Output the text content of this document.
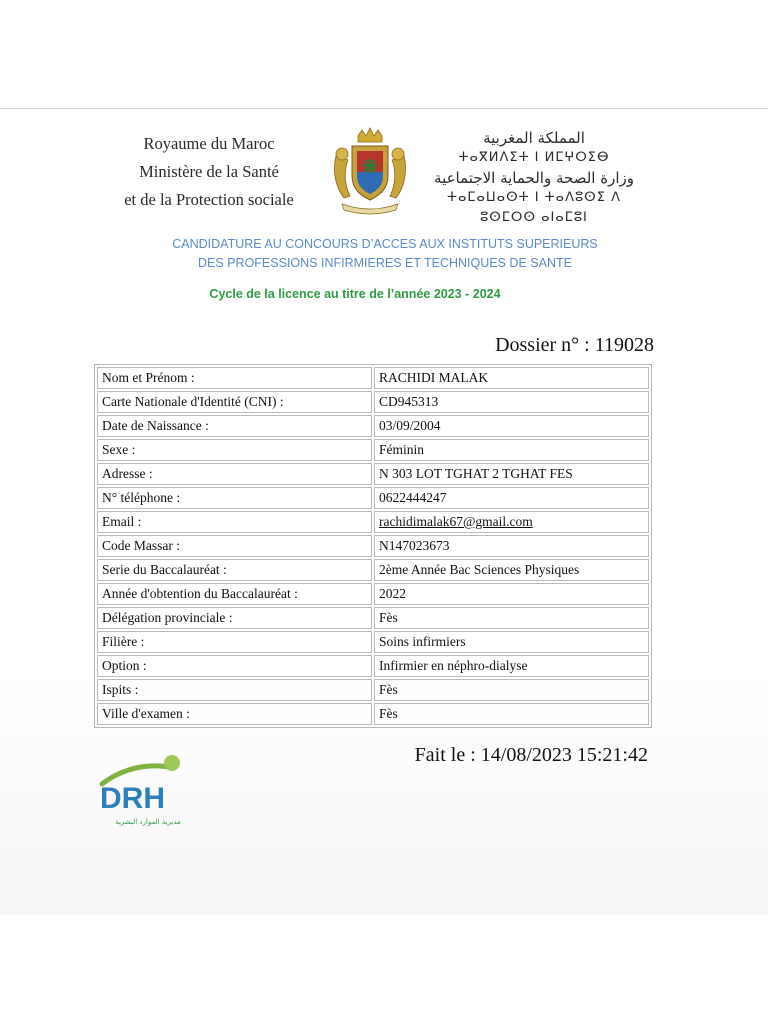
Royaume du Maroc
Ministère de la Santé
et de la Protection sociale
المملكة المغربية
ⵜⴰⴳⵍⴷⵉⵜ ⵏ ⵍⵎⵖⵔⵉⴱ
وزارة الصحة والحماية الاجتماعية
ⵜⴰⵎⴰⵡⴰⵙⵜ ⵏ ⵜⴰⴷⵓⵙⵉ ⴷ ⵓⵙⵎⵔⵙ ⴰⵏⴰⵎⵓⵏ
CANDIDATURE AU CONCOURS D’ACCES AUX INSTITUTS SUPERIEURS
DES PROFESSIONS INFIRMIERES ET TECHNIQUES DE SANTE
Cycle de la licence au titre de l’année 2023 - 2024
Dossier n° : 119028
Nom et Prénom :	RACHIDI MALAK
Carte Nationale d'Identité (CNI) :	CD945313
Date de Naissance :	03/09/2004
Sexe :	Féminin
Adresse :	N 303 LOT TGHAT 2 TGHAT FES
N° téléphone :	0622444247
Email :	rachidimalak67@gmail.com
Code Massar :	N147023673
Serie du Baccalauréat :	2ème Année Bac Sciences Physiques
Année d'obtention du Baccalauréat :	2022
Délégation provinciale :	Fès
Filière :	Soins infirmiers
Option :	Infirmier en néphro-dialyse
Ispits :	Fès
Ville d'examen :	Fès
Fait le : 14/08/2023 15:21:42
DRH
مديرية الموارد البشرية
